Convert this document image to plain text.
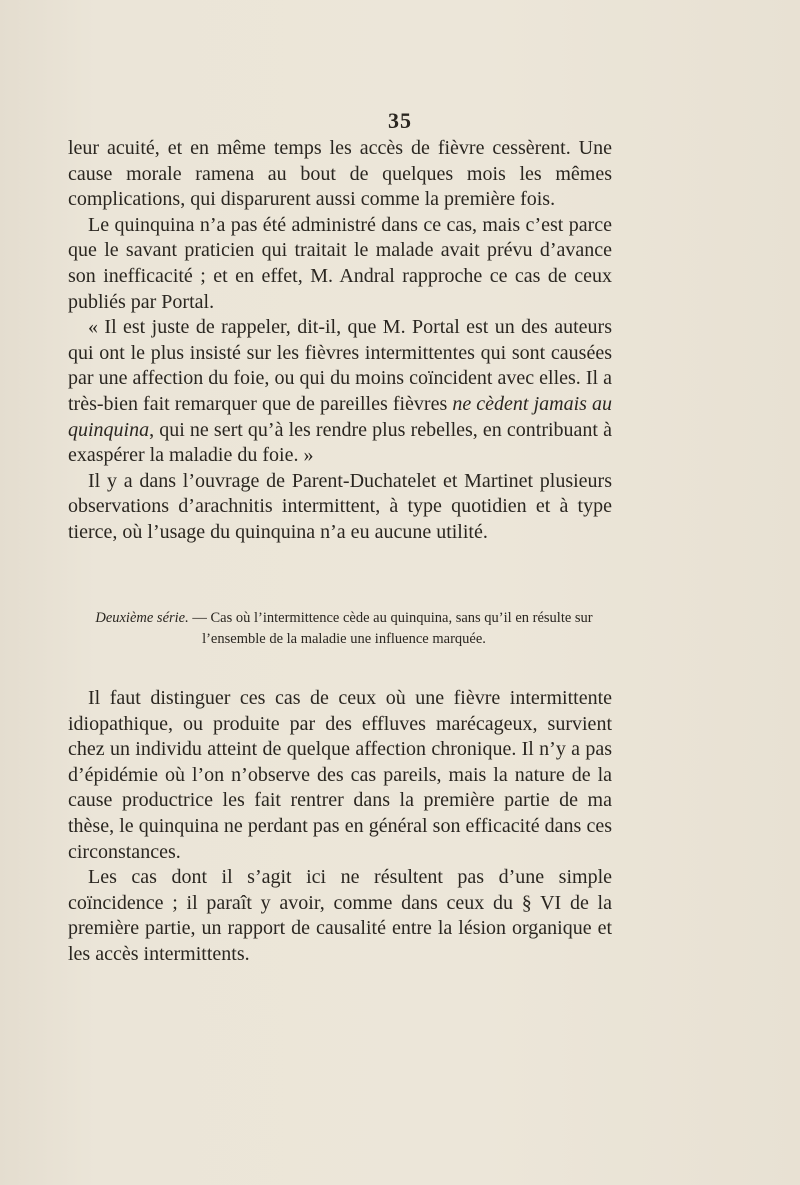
35

leur acuité, et en même temps les accès de fièvre cessèrent. Une cause morale ramena au bout de quelques mois les mêmes complications, qui disparurent aussi comme la première fois.

Le quinquina n’a pas été administré dans ce cas, mais c’est parce que le savant praticien qui traitait le malade avait prévu d’avance son inefficacité ; et en effet, M. Andral rapproche ce cas de ceux publiés par Portal.

« Il est juste de rappeler, dit-il, que M. Portal est un des auteurs qui ont le plus insisté sur les fièvres intermittentes qui sont causées par une affection du foie, ou qui du moins coïncident avec elles. Il a très-bien fait remarquer que de pareilles fièvres ne cèdent jamais au quinquina, qui ne sert qu’à les rendre plus rebelles, en contribuant à exaspérer la maladie du foie. »

Il y a dans l’ouvrage de Parent-Duchatelet et Martinet plusieurs observations d’arachnitis intermittent, à type quotidien et à type tierce, où l’usage du quinquina n’a eu aucune utilité.

Deuxième série. — Cas où l’intermittence cède au quinquina, sans qu’il en résulte sur l’ensemble de la maladie une influence marquée.

Il faut distinguer ces cas de ceux où une fièvre intermittente idiopathique, ou produite par des effluves marécageux, survient chez un individu atteint de quelque affection chronique. Il n’y a pas d’épidémie où l’on n’observe des cas pareils, mais la nature de la cause productrice les fait rentrer dans la première partie de ma thèse, le quinquina ne perdant pas en général son efficacité dans ces circonstances.

Les cas dont il s’agit ici ne résultent pas d’une simple coïncidence ; il paraît y avoir, comme dans ceux du § VI de la première partie, un rapport de causalité entre la lésion organique et les accès intermittents.
